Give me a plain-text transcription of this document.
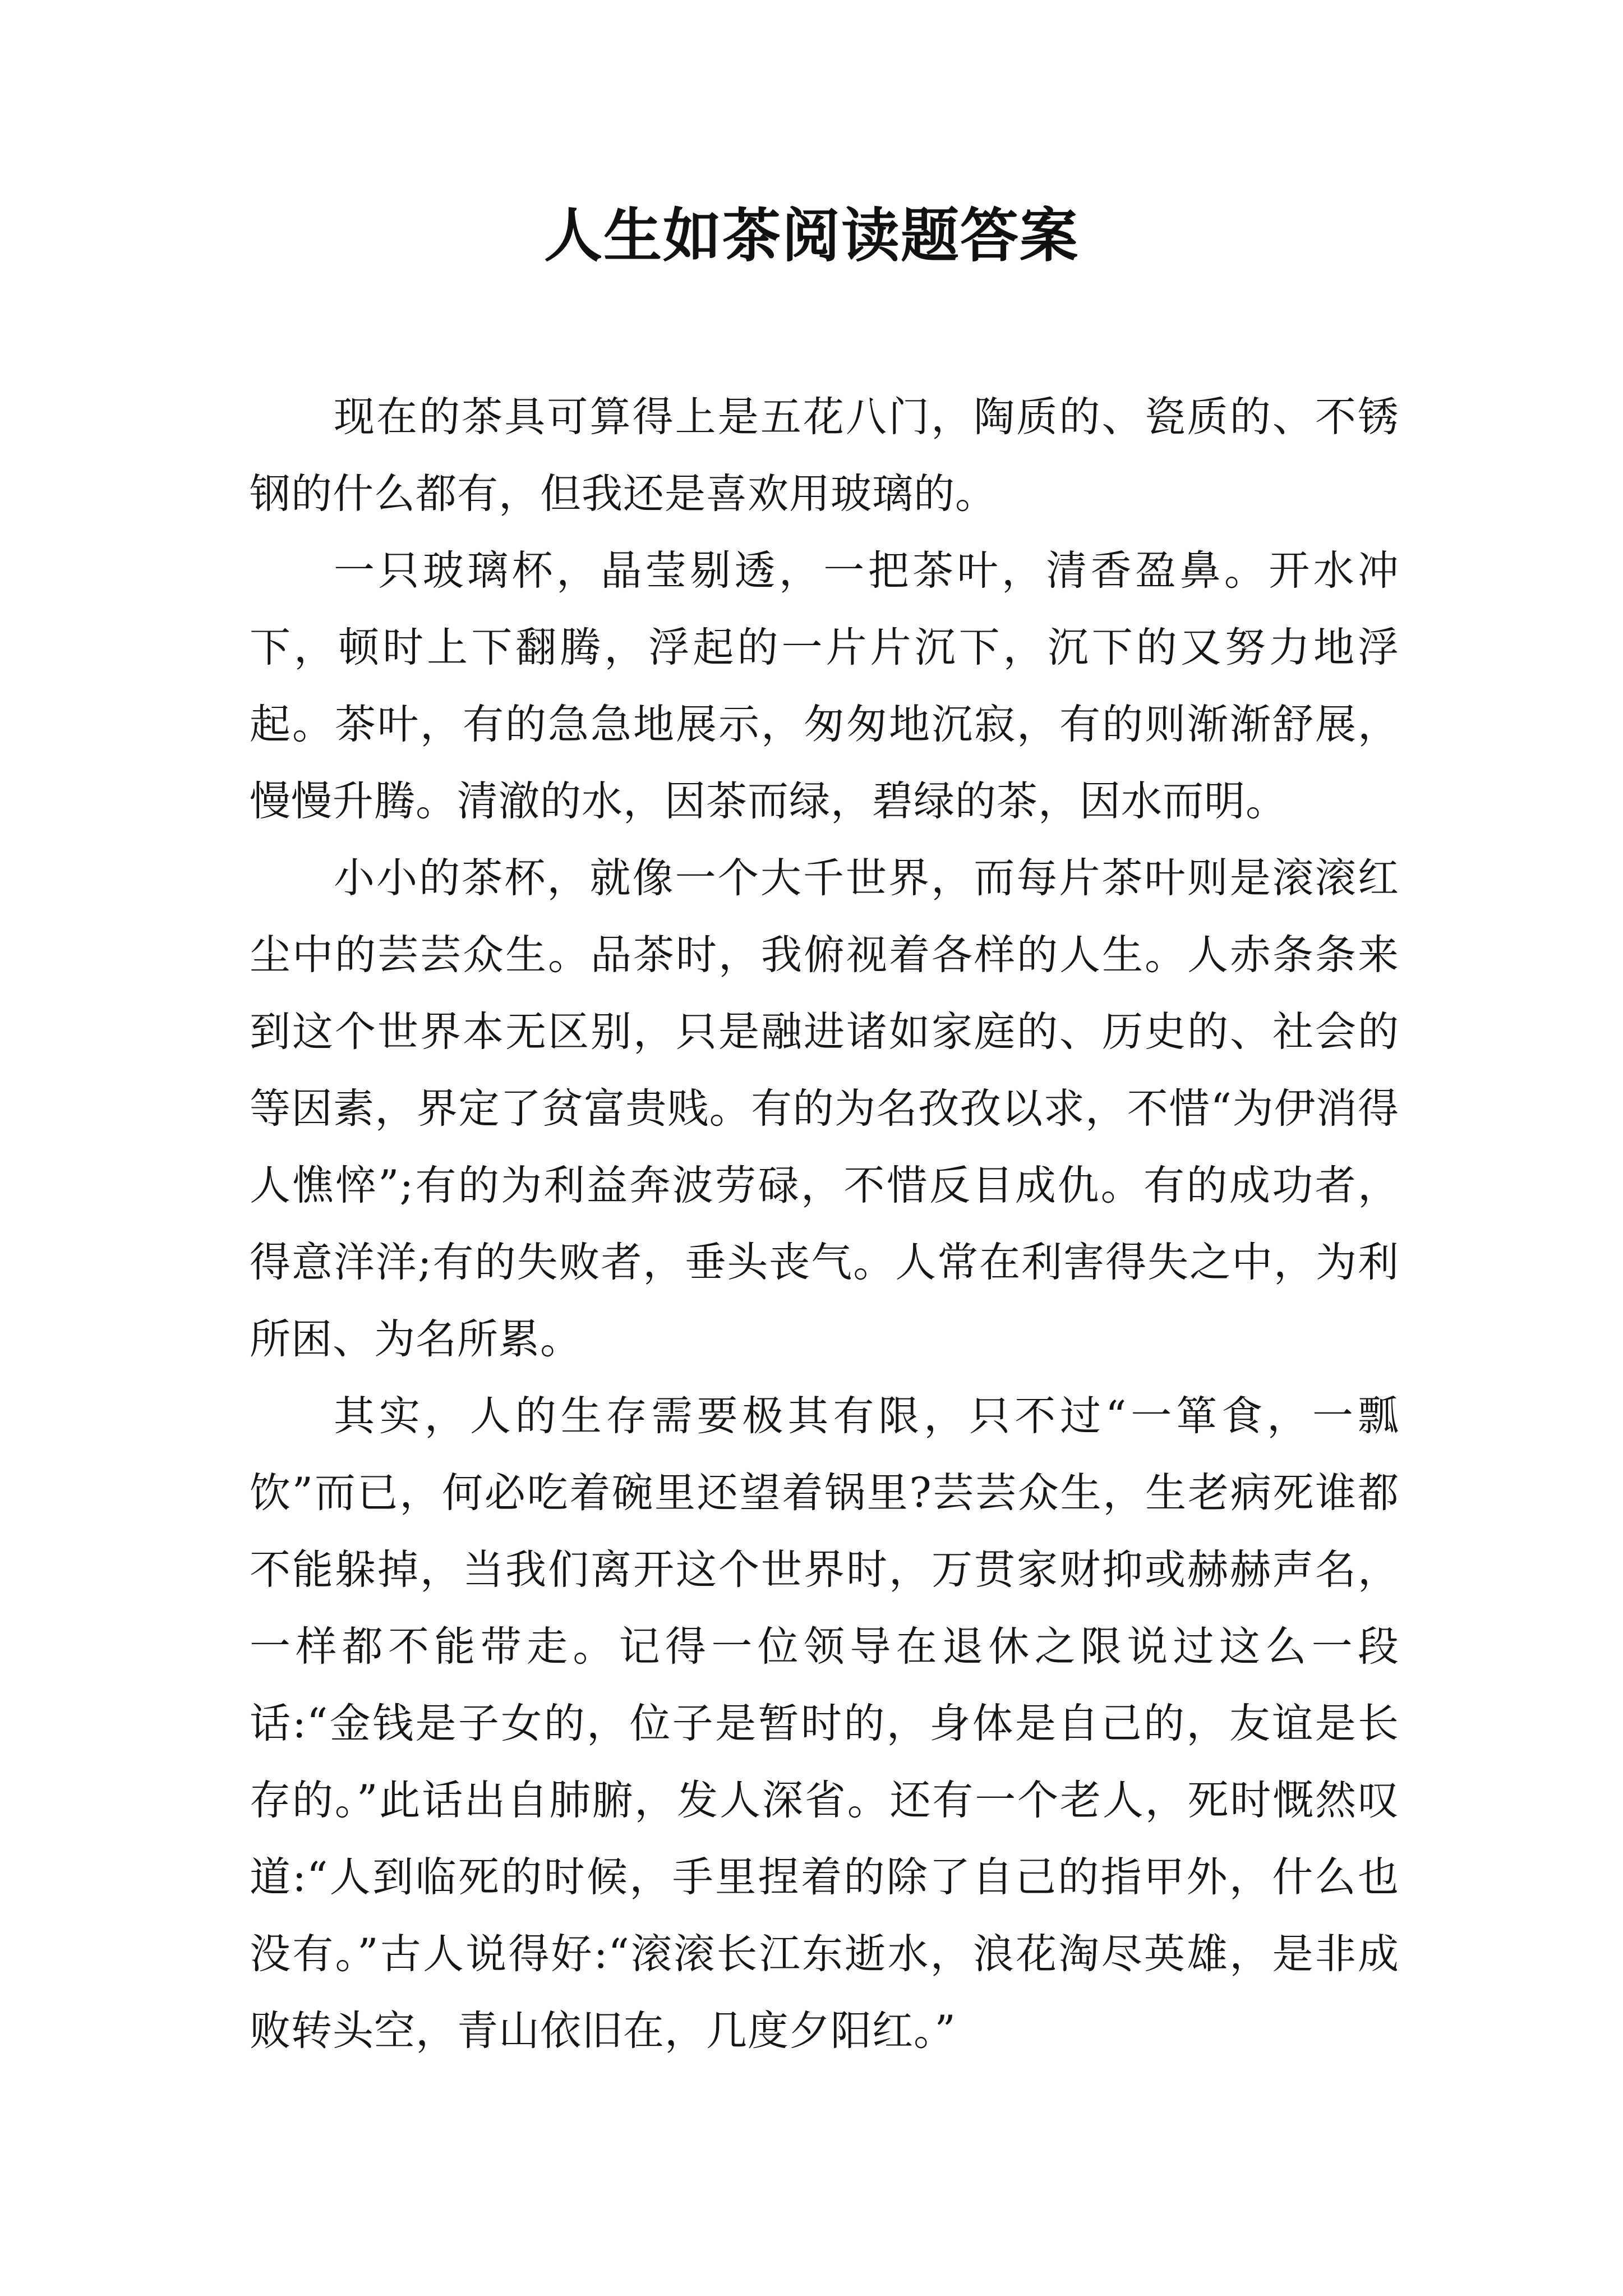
人生如茶阅读题答案

现在的茶具可算得上是五花八门，陶质的、瓷质的、不锈钢的什么都有，但我还是喜欢用玻璃的。

一只玻璃杯，晶莹剔透，一把茶叶，清香盈鼻。开水冲下，顿时上下翻腾，浮起的一片片沉下，沉下的又努力地浮起。茶叶，有的急急地展示，匆匆地沉寂，有的则渐渐舒展，慢慢升腾。清澈的水，因茶而绿，碧绿的茶，因水而明。

小小的茶杯，就像一个大千世界，而每片茶叶则是滚滚红尘中的芸芸众生。品茶时，我俯视着各样的人生。人赤条条来到这个世界本无区别，只是融进诸如家庭的、历史的、社会的等因素，界定了贫富贵贱。有的为名孜孜以求，不惜“为伊消得人憔悴”;有的为利益奔波劳碌，不惜反目成仇。有的成功者，得意洋洋;有的失败者，垂头丧气。人常在利害得失之中，为利所困、为名所累。

其实，人的生存需要极其有限，只不过“一箪食，一瓢饮”而已，何必吃着碗里还望着锅里?芸芸众生，生老病死谁都不能躲掉，当我们离开这个世界时，万贯家财抑或赫赫声名，一样都不能带走。记得一位领导在退休之限说过这么一段话:“金钱是子女的，位子是暂时的，身体是自己的，友谊是长存的。”此话出自肺腑，发人深省。还有一个老人，死时慨然叹道:“人到临死的时候，手里捏着的除了自己的指甲外，什么也没有。”古人说得好:“滚滚长江东逝水，浪花淘尽英雄，是非成败转头空，青山依旧在，几度夕阳红。”
